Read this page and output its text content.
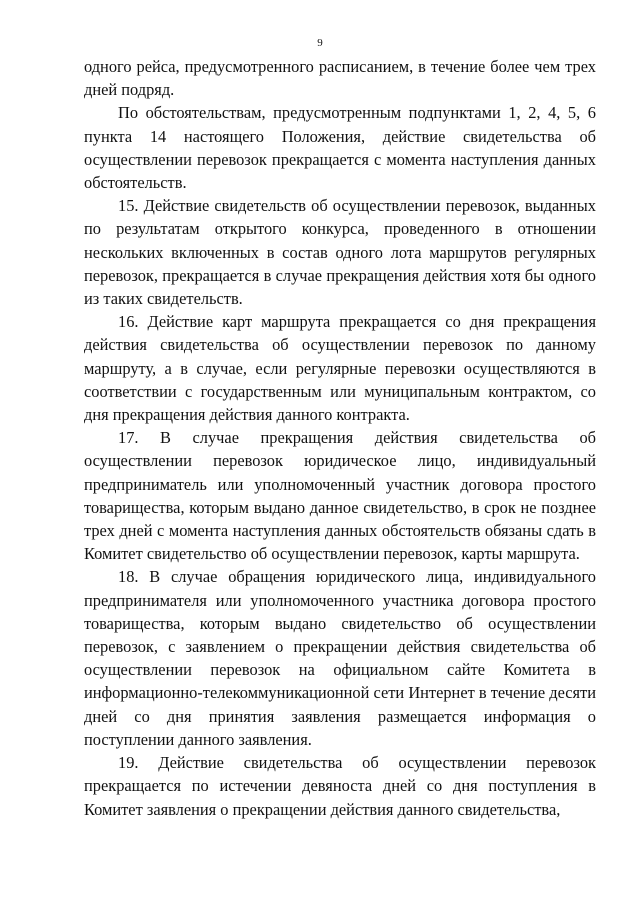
9

одного рейса, предусмотренного расписанием, в течение более чем трех дней подряд.

По обстоятельствам, предусмотренным подпунктами 1, 2, 4, 5, 6 пункта 14 настоящего Положения, действие свидетельства об осуществлении перевозок прекращается с момента наступления данных обстоятельств.

15. Действие свидетельств об осуществлении перевозок, выданных по результатам открытого конкурса, проведенного в отношении нескольких включенных в состав одного лота маршрутов регулярных перевозок, прекращается в случае прекращения действия хотя бы одного из таких свидетельств.

16. Действие карт маршрута прекращается со дня прекращения действия свидетельства об осуществлении перевозок по данному маршруту, а в случае, если регулярные перевозки осуществляются в соответствии с государственным или муниципальным контрактом, со дня прекращения действия данного контракта.

17. В случае прекращения действия свидетельства об осуществлении перевозок юридическое лицо, индивидуальный предприниматель или уполномоченный участник договора простого товарищества, которым выдано данное свидетельство, в срок не позднее трех дней с момента наступления данных обстоятельств обязаны сдать в Комитет свидетельство об осуществлении перевозок, карты маршрута.

18. В случае обращения юридического лица, индивидуального предпринимателя или уполномоченного участника договора простого товарищества, которым выдано свидетельство об осуществлении перевозок, с заявлением о прекращении действия свидетельства об осуществлении перевозок на официальном сайте Комитета в информационно-телекоммуникационной сети Интернет в течение десяти дней со дня принятия заявления размещается информация о поступлении данного заявления.

19. Действие свидетельства об осуществлении перевозок прекращается по истечении девяноста дней со дня поступления в Комитет заявления о прекращении действия данного свидетельства,
